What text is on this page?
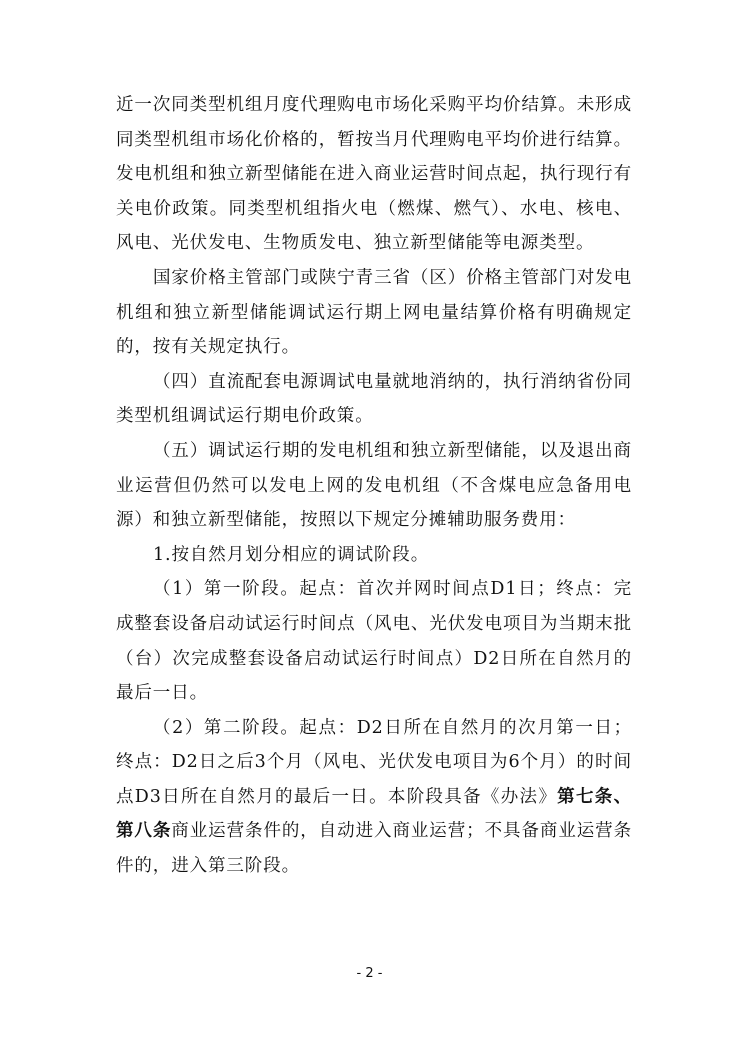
近一次同类型机组月度代理购电市场化采购平均价结算。未形成同类型机组市场化价格的，暂按当月代理购电平均价进行结算。发电机组和独立新型储能在进入商业运营时间点起，执行现行有关电价政策。同类型机组指火电（燃煤、燃气）、水电、核电、风电、光伏发电、生物质发电、独立新型储能等电源类型。

国家价格主管部门或陕宁青三省（区）价格主管部门对发电机组和独立新型储能调试运行期上网电量结算价格有明确规定的，按有关规定执行。

（四）直流配套电源调试电量就地消纳的，执行消纳省份同类型机组调试运行期电价政策。

（五）调试运行期的发电机组和独立新型储能，以及退出商业运营但仍然可以发电上网的发电机组（不含煤电应急备用电源）和独立新型储能，按照以下规定分摊辅助服务费用：

1.按自然月划分相应的调试阶段。

（1）第一阶段。起点：首次并网时间点D1日；终点：完成整套设备启动试运行时间点（风电、光伏发电项目为当期末批（台）次完成整套设备启动试运行时间点）D2日所在自然月的最后一日。

（2）第二阶段。起点：D2日所在自然月的次月第一日；终点：D2日之后3个月（风电、光伏发电项目为6个月）的时间点D3日所在自然月的最后一日。本阶段具备《办法》第七条、第八条商业运营条件的，自动进入商业运营；不具备商业运营条件的，进入第三阶段。

- 2 -
